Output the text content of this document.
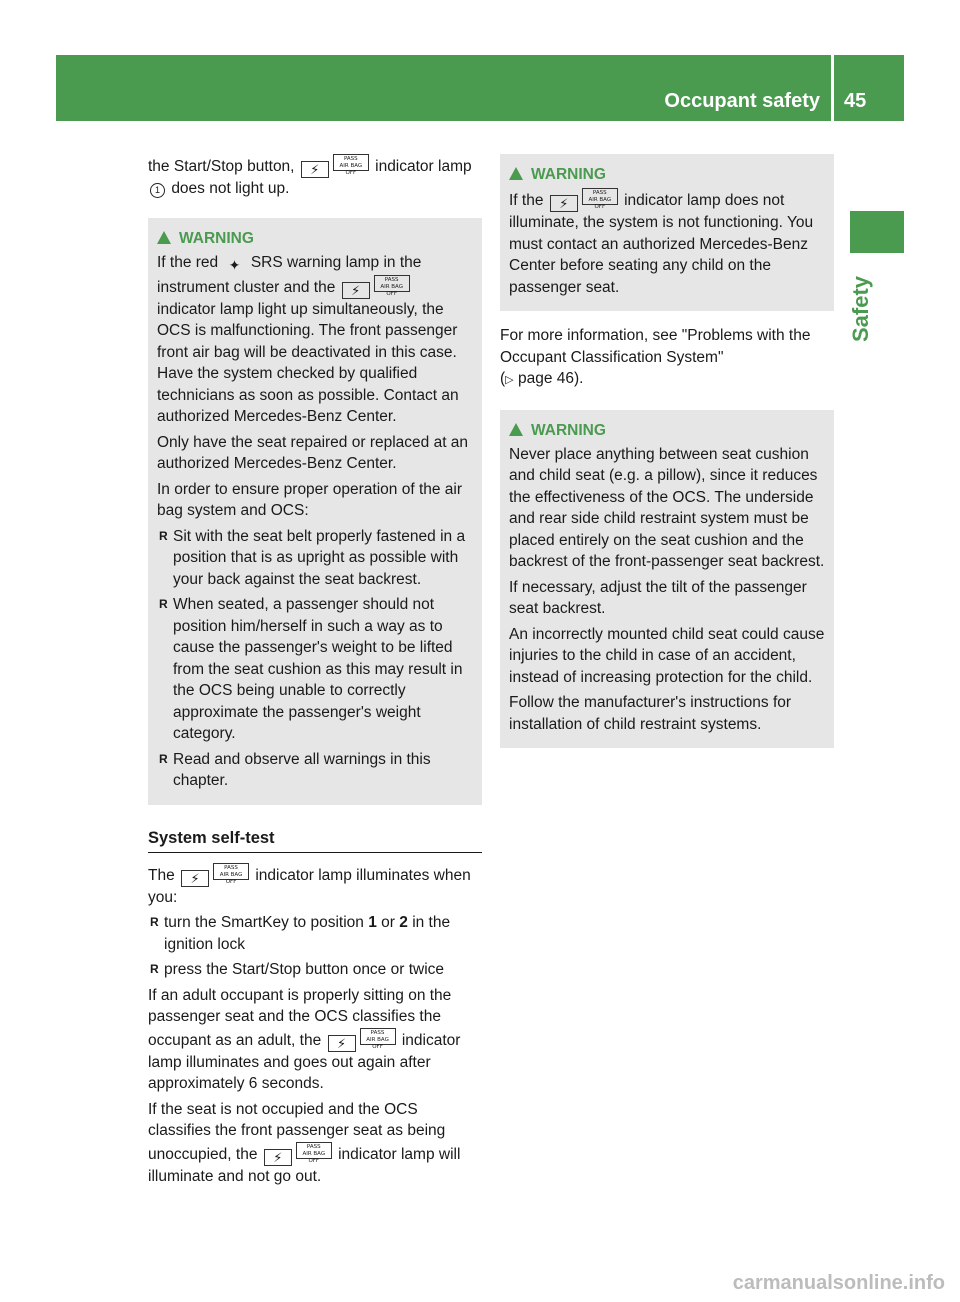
Occupant safety 45
Safety

the Start/Stop button, ⚡PASS
AIR BAG OFF indicator lamp 1 does not light up.

WARNING

If the red ✦ SRS warning lamp in the instrument cluster and the ⚡PASS
AIR BAG OFF indicator lamp light up simultaneously, the OCS is malfunctioning. The front passenger front air bag will be deactivated in this case. Have the system checked by qualified technicians as soon as possible. Contact an authorized Mercedes-Benz Center.

Only have the seat repaired or replaced at an authorized Mercedes-Benz Center.

In order to ensure proper operation of the air bag system and OCS:

R Sit with the seat belt properly fastened in a position that is as upright as possible with your back against the seat backrest.
R When seated, a passenger should not position him/herself in such a way as to cause the passenger's weight to be lifted from the seat cushion as this may result in the OCS being unable to correctly approximate the passenger's weight category.
R Read and observe all warnings in this chapter.
System self-test

The ⚡PASS
AIR BAG OFF indicator lamp illuminates when you:

R turn the SmartKey to position 1 or 2 in the ignition lock
R press the Start/Stop button once or twice

If an adult occupant is properly sitting on the passenger seat and the OCS classifies the occupant as an adult, the ⚡PASS
AIR BAG OFF indicator lamp illuminates and goes out again after approximately 6 seconds.

If the seat is not occupied and the OCS classifies the front passenger seat as being unoccupied, the ⚡PASS
AIR BAG OFF indicator lamp will illuminate and not go out.

WARNING

If the ⚡PASS
AIR BAG OFF indicator lamp does not illuminate, the system is not functioning. You must contact an authorized Mercedes-Benz Center before seating any child on the passenger seat.

For more information, see "Problems with the Occupant Classification System"
(▷ page 46).

WARNING

Never place anything between seat cushion and child seat (e.g. a pillow), since it reduces the effectiveness of the OCS. The underside and rear side child restraint system must be placed entirely on the seat cushion and the backrest of the front-passenger seat backrest.

If necessary, adjust the tilt of the passenger seat backrest.

An incorrectly mounted child seat could cause injuries to the child in case of an accident, instead of increasing protection for the child.

Follow the manufacturer's instructions for installation of child restraint systems.

carmanualsonline.info
